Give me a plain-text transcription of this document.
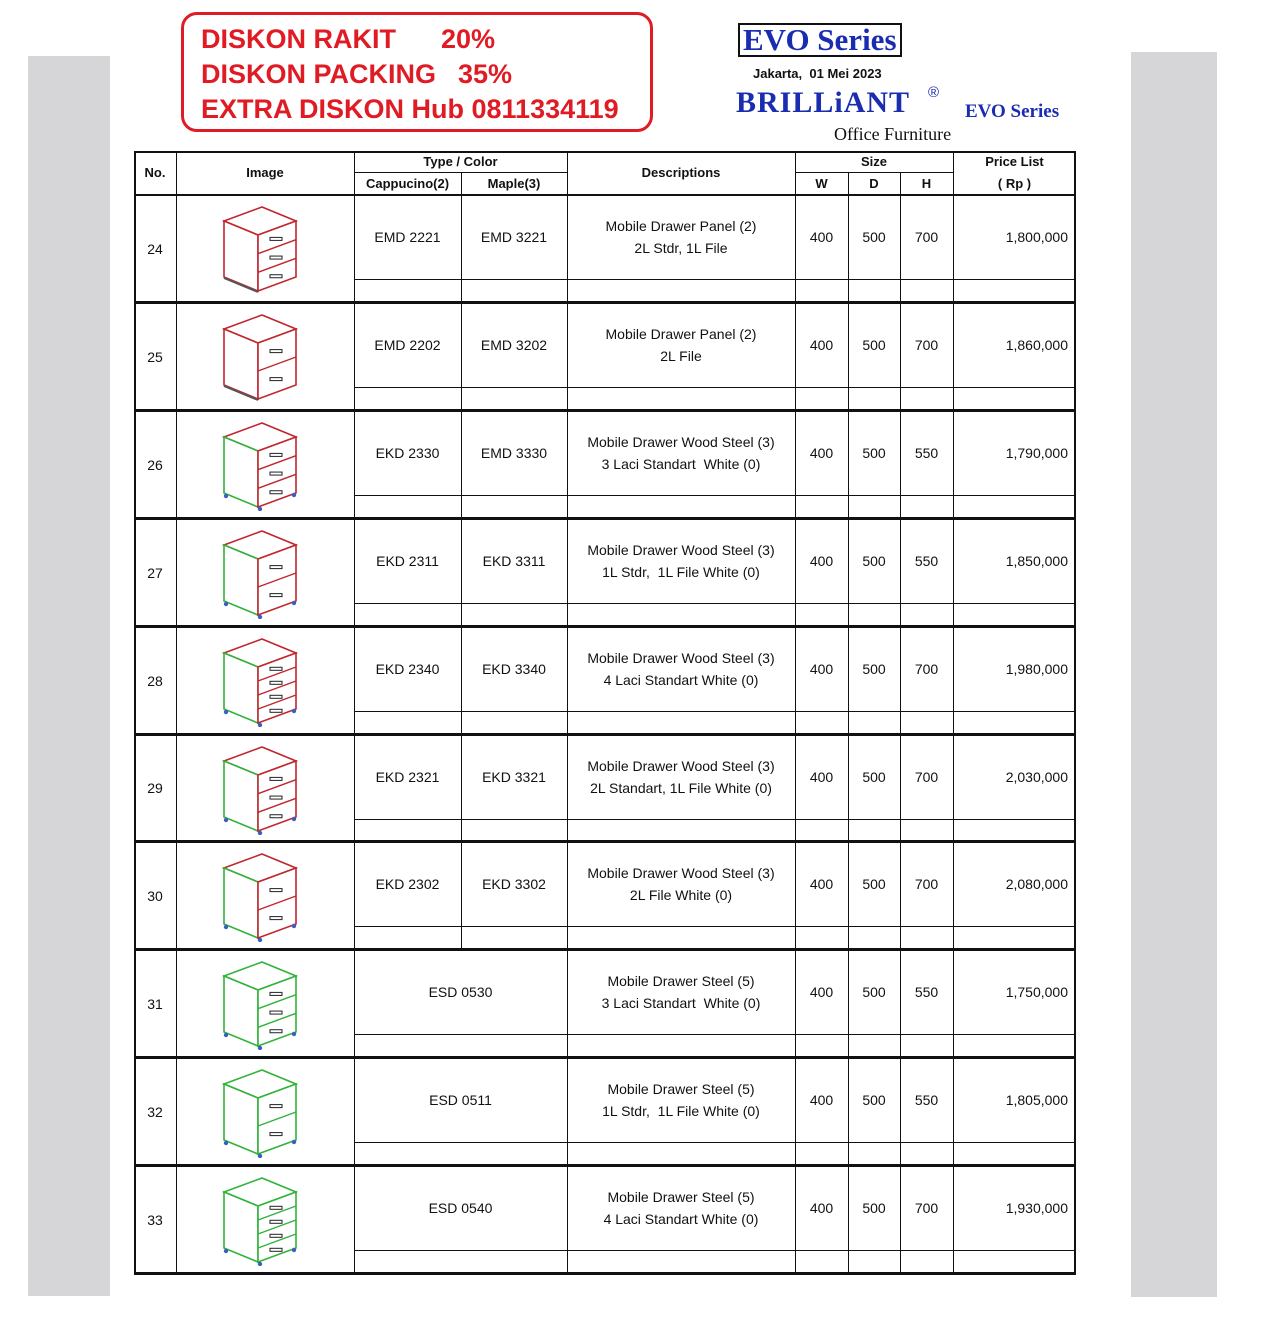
DISKON RAKIT 20%
DISKON PACKING 35%
EXTRA DISKON Hub 0811334119
EVO Series
Jakarta,  01 Mei 2023
BRILLiANT ®
EVO Series
Office Furniture
No.	Image
Type / Color
Cappucino(2)	Maple(3)
Descriptions
Size
W	D	H
Price List
( Rp )
24
EMD 2221	EMD 3221
Mobile Drawer Panel (2)
2L Stdr, 1L File
400	500	700	1,800,000
25
EMD 2202	EMD 3202
Mobile Drawer Panel (2)
2L File
400	500	700	1,860,000
26
EKD 2330	EMD 3330
Mobile Drawer Wood Steel (3)
3 Laci Standart  White (0)
400	500	550	1,790,000
27
EKD 2311	EKD 3311
Mobile Drawer Wood Steel (3)
1L Stdr,  1L File White (0)
400	500	550	1,850,000
28
EKD 2340	EKD 3340
Mobile Drawer Wood Steel (3)
4 Laci Standart White (0)
400	500	700	1,980,000
29
EKD 2321	EKD 3321
Mobile Drawer Wood Steel (3)
2L Standart, 1L File White (0)
400	500	700	2,030,000
30
EKD 2302	EKD 3302
Mobile Drawer Wood Steel (3)
2L File White (0)
400	500	700	2,080,000
31
ESD 0530
Mobile Drawer Steel (5)
3 Laci Standart  White (0)
400	500	550	1,750,000
32
ESD 0511
Mobile Drawer Steel (5)
1L Stdr,  1L File White (0)
400	500	550	1,805,000
33
ESD 0540
Mobile Drawer Steel (5)
4 Laci Standart White (0)
400	500	700	1,930,000
